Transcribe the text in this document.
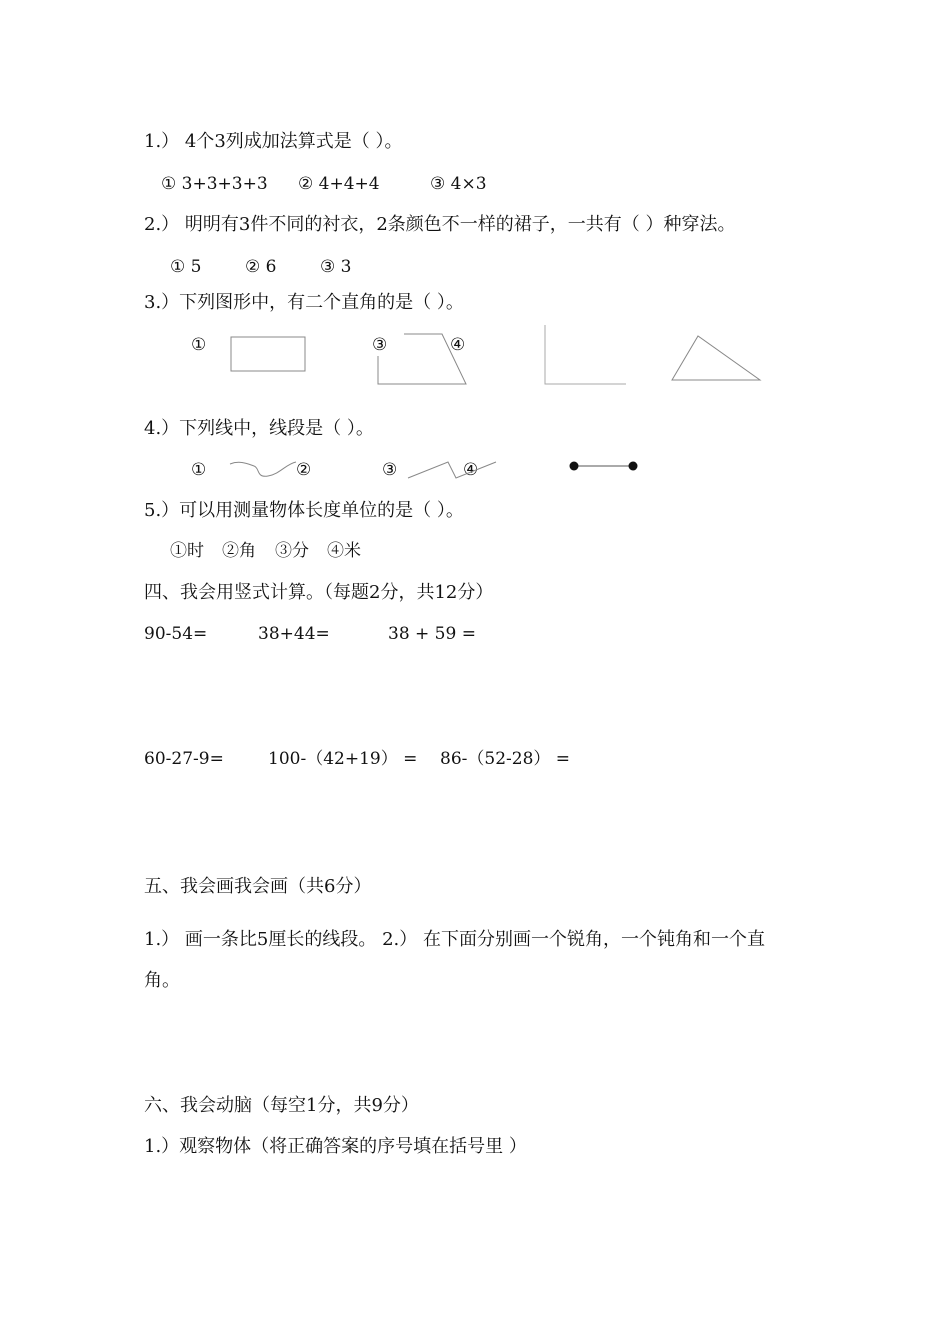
1.） 4个3列成加法算式是（ ）。
① 3+3+3+3 ② 4+4+4	③ 4×3
2.） 明明有3件不同的衬衣，2条颜色不一样的裙子，一共有（ ）种穿法。
① 5	② 6	③ 3
3.）下列图形中，有二个直角的是（ ）。
①	③	④
4.）下列线中，线段是（ ）。
①	②	③	④
5.）可以用测量物体长度单位的是（ ）。
①时 ②角 ③分 ④米
四、我会用竖式计算。（每题2分，共12分）
90-54=	38+44=	38 + 59 =
60-27-9=	100-（42+19） = 86-（52-28） =
五、我会画我会画（共6分）
1.） 画一条比5厘长的线段。 2.） 在下面分别画一个锐角，一个钝角和一个直
角。
六、我会动脑（每空1分，共9分）
1.）观察物体（将正确答案的序号填在括号里 ）
